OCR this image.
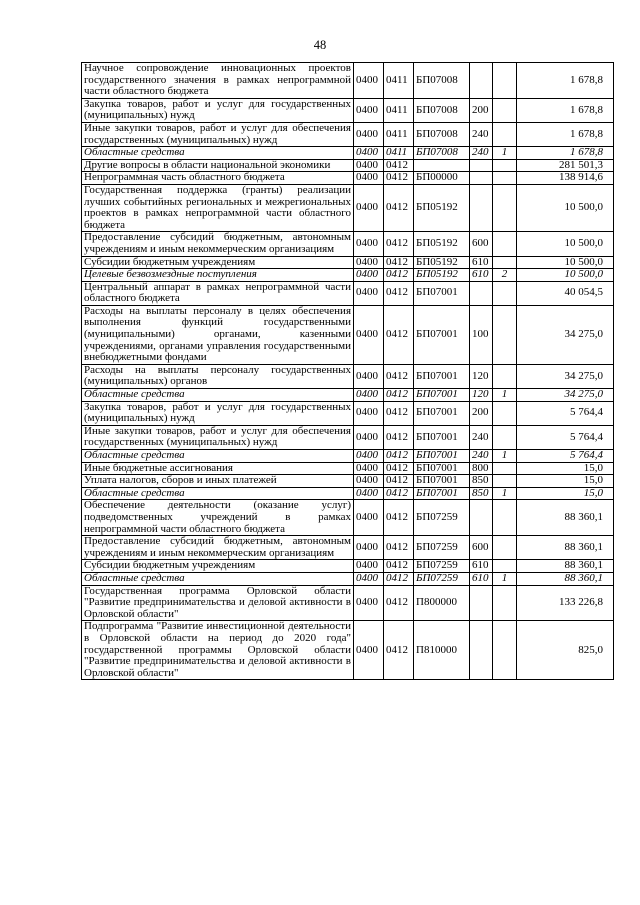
48
Научное сопровождение инновационных проектов государственного значения в рамках непрограммной части областного бюджета	0400	0411	БП07008			1 678,8
Закупка товаров, работ и услуг для государственных (муниципальных) нужд	0400	0411	БП07008	200		1 678,8
Иные закупки товаров, работ и услуг для обеспечения государственных (муниципальных) нужд	0400	0411	БП07008	240		1 678,8
Областные средства	0400	0411	БП07008	240	1	1 678,8
Другие вопросы в области национальной экономики	0400	0412				281 501,3
Непрограммная часть областного бюджета	0400	0412	БП00000			138 914,6
Государственная поддержка (гранты) реализации лучших событийных региональных и межрегиональных проектов в рамках непрограммной части областного бюджета	0400	0412	БП05192			10 500,0
Предоставление субсидий бюджетным, автономным учреждениям и иным некоммерческим организациям	0400	0412	БП05192	600		10 500,0
Субсидии бюджетным учреждениям	0400	0412	БП05192	610		10 500,0
Целевые безвозмездные поступления	0400	0412	БП05192	610	2	10 500,0
Центральный аппарат в рамках непрограммной части областного бюджета	0400	0412	БП07001			40 054,5
Расходы на выплаты персоналу в целях обеспечения выполнения функций государственными (муниципальными) органами, казенными учреждениями, органами управления государственными внебюджетными фондами	0400	0412	БП07001	100		34 275,0
Расходы на выплаты персоналу государственных (муниципальных) органов	0400	0412	БП07001	120		34 275,0
Областные средства	0400	0412	БП07001	120	1	34 275,0
Закупка товаров, работ и услуг для государственных (муниципальных) нужд	0400	0412	БП07001	200		5 764,4
Иные закупки товаров, работ и услуг для обеспечения государственных (муниципальных) нужд	0400	0412	БП07001	240		5 764,4
Областные средства	0400	0412	БП07001	240	1	5 764,4
Иные бюджетные ассигнования	0400	0412	БП07001	800		15,0
Уплата налогов, сборов и иных платежей	0400	0412	БП07001	850		15,0
Областные средства	0400	0412	БП07001	850	1	15,0
Обеспечение деятельности (оказание услуг) подведомственных учреждений в рамках непрограммной части областного бюджета	0400	0412	БП07259			88 360,1
Предоставление субсидий бюджетным, автономным учреждениям и иным некоммерческим организациям	0400	0412	БП07259	600		88 360,1
Субсидии бюджетным учреждениям	0400	0412	БП07259	610		88 360,1
Областные средства	0400	0412	БП07259	610	1	88 360,1
Государственная программа Орловской области "Развитие предпринимательства и деловой активности в Орловской области"	0400	0412	П800000			133 226,8
Подпрограмма "Развитие инвестиционной деятельности в Орловской области на период до 2020 года" государственной программы Орловской области "Развитие предпринимательства и деловой активности в Орловской области"	0400	0412	П810000			825,0
